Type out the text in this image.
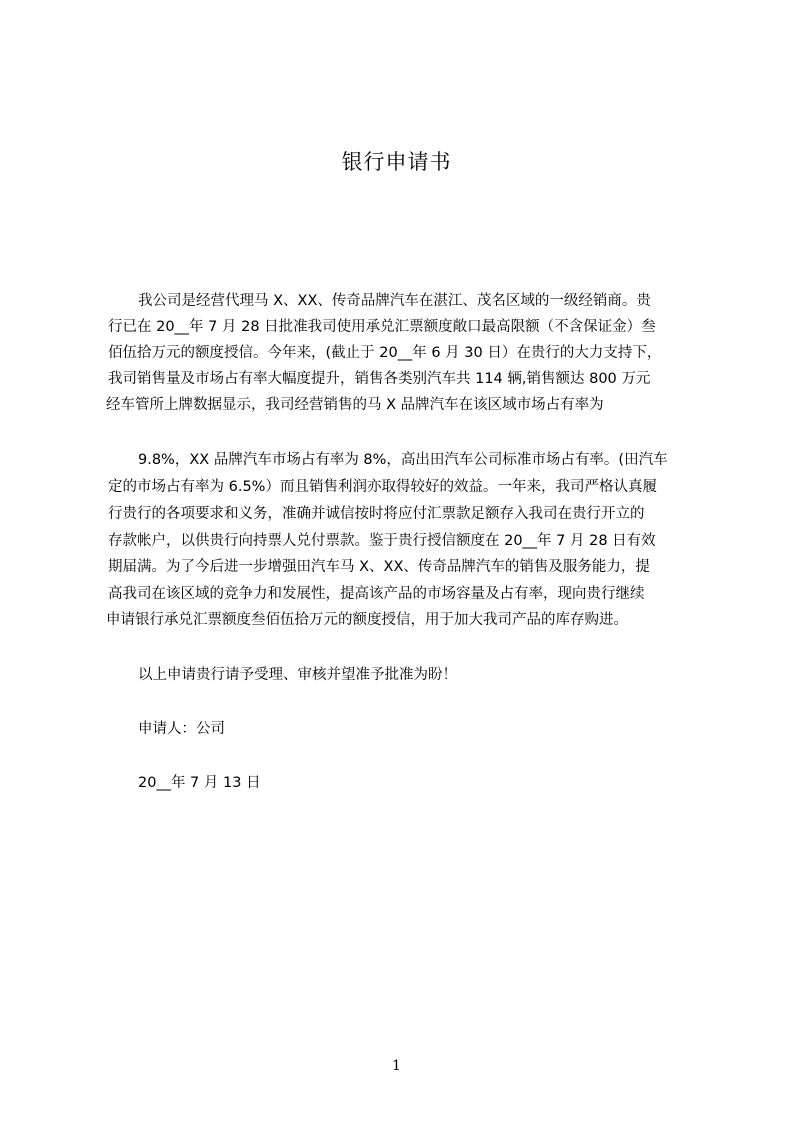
银行申请书
我公司是经营代理马 X、XX、传奇品牌汽车在湛江、茂名区域的一级经销商。贵
行已在 20__年 7 月 28 日批准我司使用承兑汇票额度敞口最高限额（不含保证金）叁
佰伍拾万元的额度授信。今年来，(截止于 20__年 6 月 30 日）在贵行的大力支持下，
我司销售量及市场占有率大幅度提升，销售各类别汽车共 114 辆,销售额达 800 万元
经车管所上牌数据显示，我司经营销售的马 X 品牌汽车在该区域市场占有率为
9.8%，XX 品牌汽车市场占有率为 8%，高出田汽车公司标准市场占有率。(田汽车
定的市场占有率为 6.5%）而且销售利润亦取得较好的效益。一年来，我司严格认真履
行贵行的各项要求和义务，准确并诚信按时将应付汇票款足额存入我司在贵行开立的
存款帐户，以供贵行向持票人兑付票款。鉴于贵行授信额度在 20__年 7 月 28 日有效
期届满。为了今后进一步增强田汽车马 X、XX、传奇品牌汽车的销售及服务能力，提
高我司在该区域的竞争力和发展性，提高该产品的市场容量及占有率，现向贵行继续
申请银行承兑汇票额度叁佰伍拾万元的额度授信，用于加大我司产品的库存购进。
以上申请贵行请予受理、审核并望准予批准为盼！
申请人：公司
20__年 7 月 13 日
1
